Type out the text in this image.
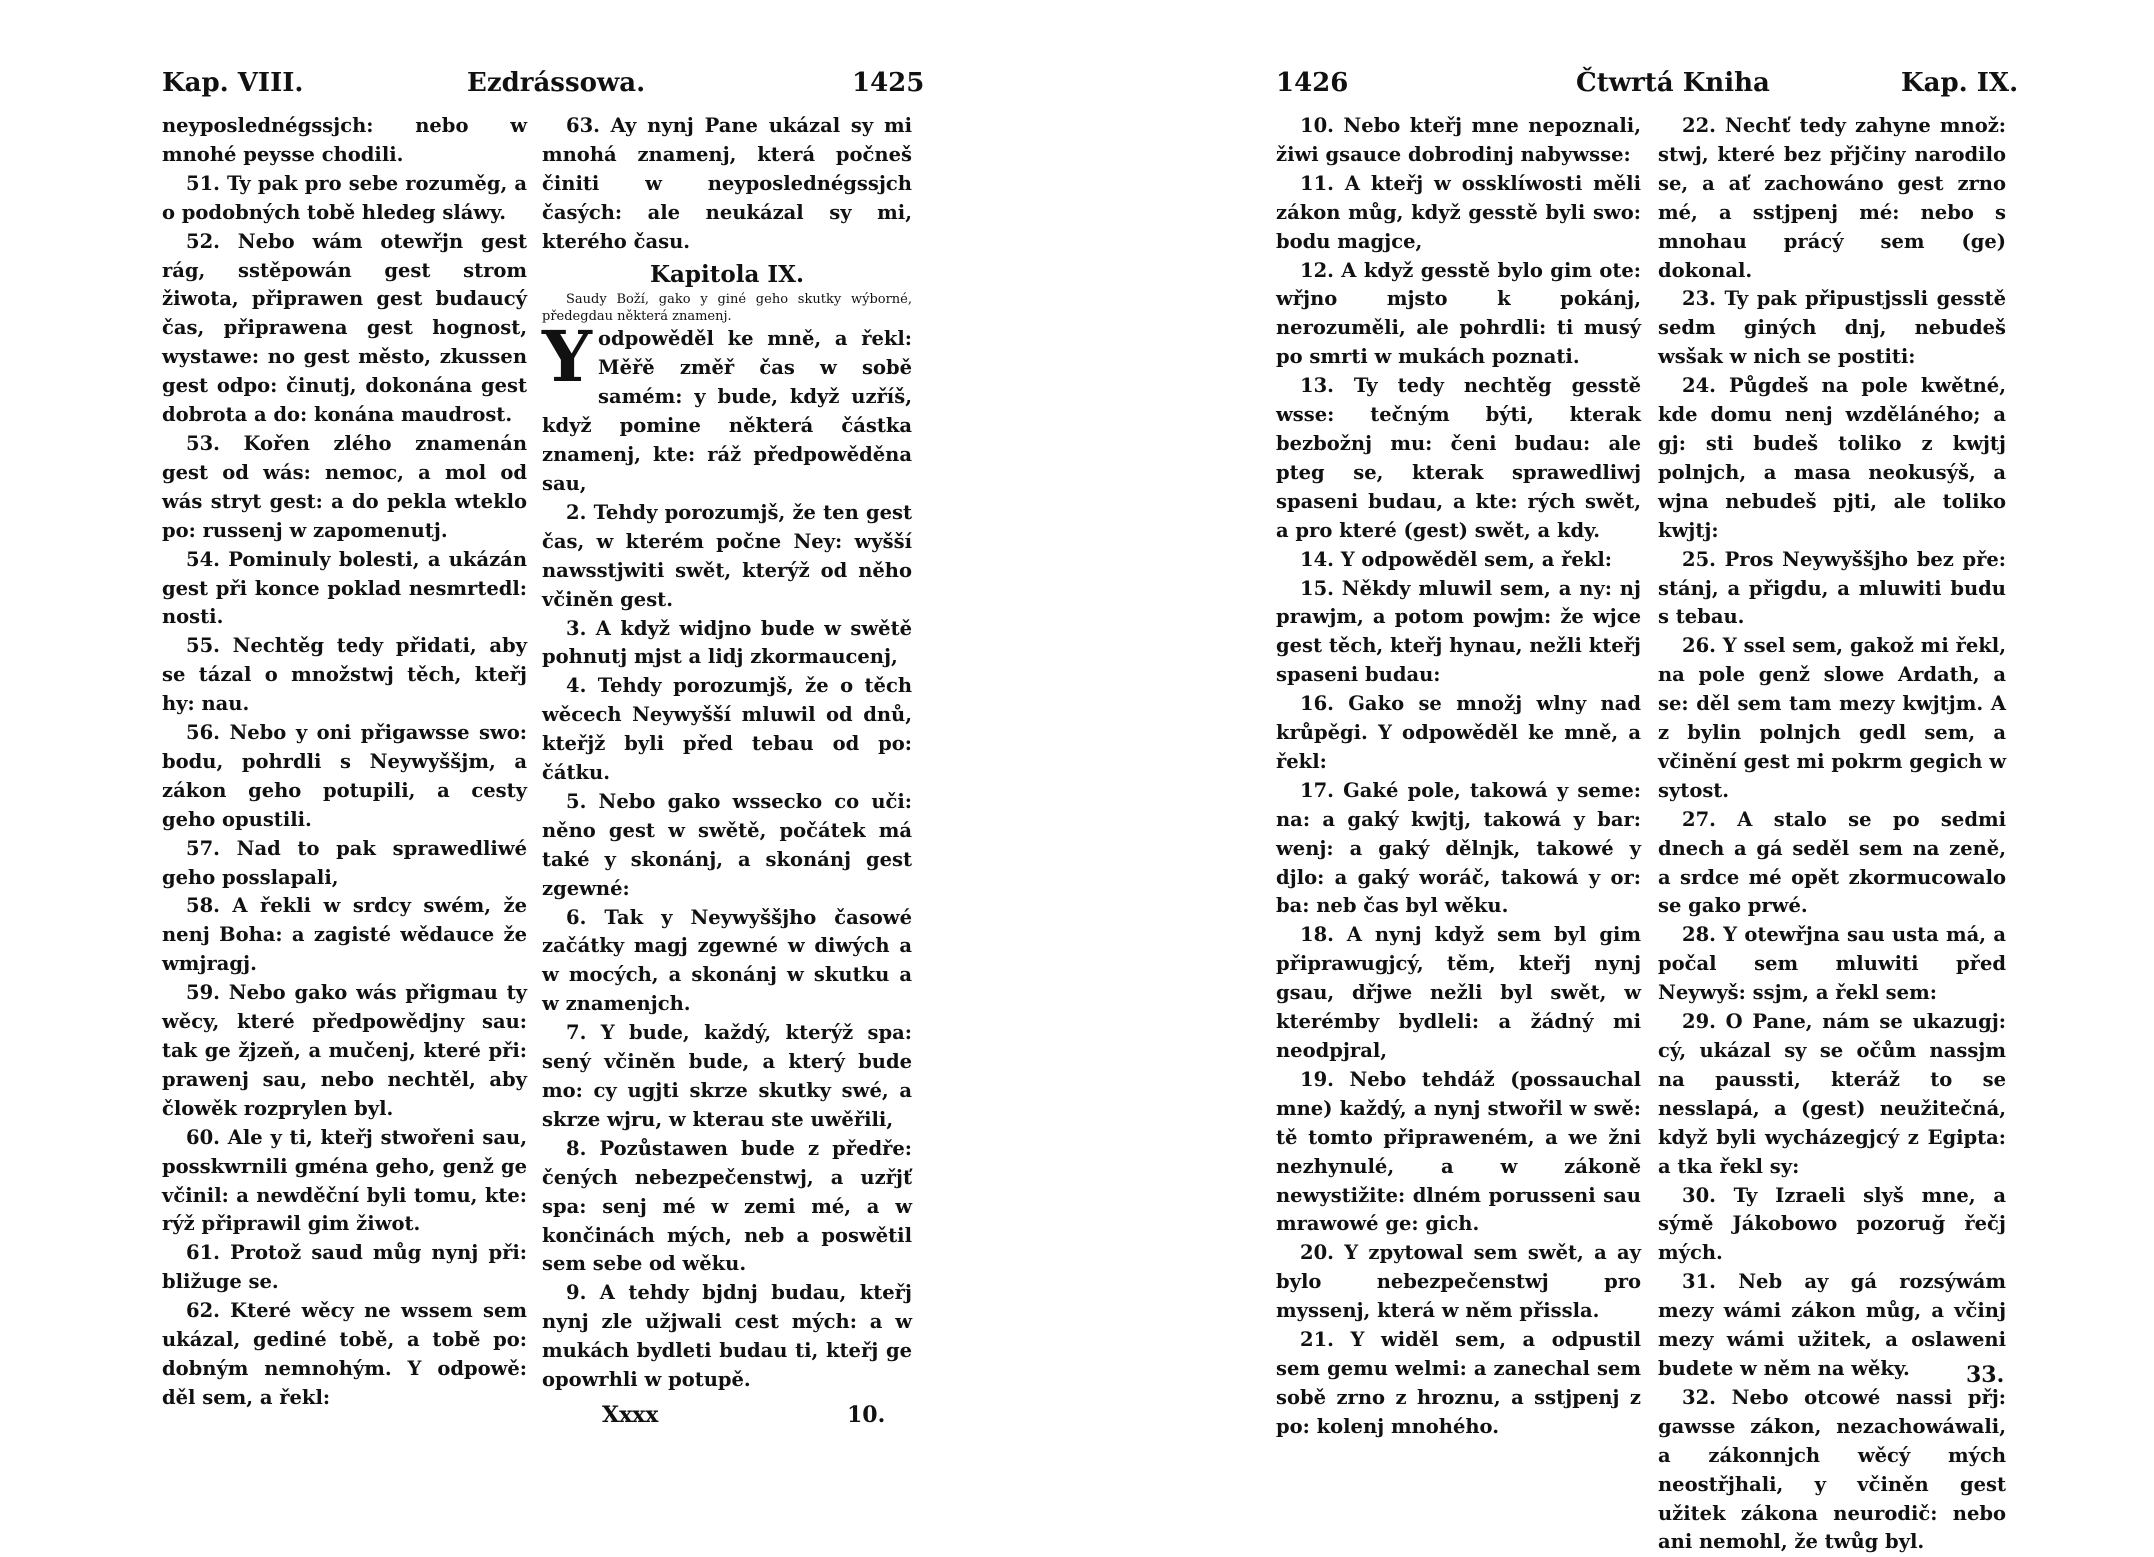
Kap. VIII.	Ezdrássowa.	1425

neyposlednégssjch: nebo w mnohé peysse chodili.

51. Ty pak pro sebe rozuměg, a o podobných tobě hledeg sláwy.

52. Nebo wám otewřjn gest rág, sstěpowán gest strom žiwota, připrawen gest budaucý čas, připrawena gest hognost, wystawe: no gest město, zkussen gest odpo: činutj, dokonána gest dobrota a do: konána maudrost.

53. Kořen zlého znamenán gest od wás: nemoc, a mol od wás stryt gest: a do pekla wteklo po: russenj w zapomenutj.

54. Pominuly bolesti, a ukázán gest při konce poklad nesmrtedl: nosti.

55. Nechtěg tedy přidati, aby se tázal o množstwj těch, kteřj hy: nau.

56. Nebo y oni přigawsse swo: bodu, pohrdli s Neywyššjm, a zákon geho potupili, a cesty geho opustili.

57. Nad to pak sprawedliwé geho posslapali,

58. A řekli w srdcy swém, že nenj Boha: a zagisté wědauce že wmjragj.

59. Nebo gako wás přigmau ty wěcy, které předpowědjny sau: tak ge žjzeň, a mučenj, které při: prawenj sau, nebo nechtěl, aby člowěk rozprylen byl.

60. Ale y ti, kteřj stwořeni sau, posskwrnili gména geho, genž ge včinil: a newděční byli tomu, kte: rýž připrawil gim žiwot.

61. Protož saud můg nynj při: bližuge se.

62. Které wěcy ne wssem sem ukázal, gediné tobě, a tobě po: dobným nemnohým. Y odpowě: děl sem, a řekl:

63. Ay nynj Pane ukázal sy mi mnohá znamenj, která počneš činiti w neyposlednégssjch časých: ale neukázal sy mi, kterého času.

Kapitola IX.

Saudy Boží, gako y giné geho skutky wýborné, předegdau některá znamenj.

Yodpowěděl ke mně, a řekl: Měřě změř čas w sobě samém: y bude, když uzříš, když pomine některá částka znamenj, kte: ráž předpowěděna sau,

2. Tehdy porozumjš, že ten gest čas, w kterém počne Ney: wyšší nawsstjwiti swět, kterýž od něho včiněn gest.

3. A když widjno bude w swětě pohnutj mjst a lidj zkormaucenj,

4. Tehdy porozumjš, že o těch wěcech Neywyšší mluwil od dnů, kteřjž byli před tebau od po: čátku.

5. Nebo gako wssecko co uči: něno gest w swětě, počátek má také y skonánj, a skonánj gest zgewné:

6. Tak y Neywyššjho časowé začátky magj zgewné w diwých a w mocých, a skonánj w skutku a w znamenjch.

7. Y bude, každý, kterýž spa: sený včiněn bude, a který bude mo: cy ugjti skrze skutky swé, a skrze wjru, w kterau ste uwěřili,

8. Pozůstawen bude z předře: čených nebezpečenstwj, a uzřjť spa: senj mé w zemi mé, a w končinách mých, neb a poswětil sem sebe od wěku.

9. A tehdy bjdnj budau, kteřj nynj zle užjwali cest mých: a w mukách bydleti budau ti, kteřj ge opowrhli w potupě.

Xxxx	10.
1426	Čtwrtá Kniha	Kap. IX.

10. Nebo kteřj mne nepoznali, žiwi gsauce dobrodinj nabywsse:

11. A kteřj w ossklíwosti měli zákon můg, když gesstě byli swo: bodu magjce,

12. A když gesstě bylo gim ote: wřjno mjsto k pokánj, nerozuměli, ale pohrdli: ti musý po smrti w mukách poznati.

13. Ty tedy nechtěg gesstě wsse: tečným býti, kterak bezbožnj mu: čeni budau: ale pteg se, kterak sprawedliwj spaseni budau, a kte: rých swět, a pro které (gest) swět, a kdy.

14. Y odpowěděl sem, a řekl:

15. Někdy mluwil sem, a ny: nj prawjm, a potom powjm: že wjce gest těch, kteřj hynau, nežli kteřj spaseni budau:

16. Gako se množj wlny nad krůpěgi. Y odpowěděl ke mně, a řekl:

17. Gaké pole, takowá y seme: na: a gaký kwjtj, takowá y bar: wenj: a gaký dělnjk, takowé y djlo: a gaký woráč, takowá y or: ba: neb čas byl wěku.

18. A nynj když sem byl gim připrawugjcý, těm, kteřj nynj gsau, dřjwe nežli byl swět, w kterémby bydleli: a žádný mi neodpjral,

19. Nebo tehdáž (possauchal mne) každý, a nynj stwořil w swě: tě tomto připraweném, a we žni nezhynulé, a w zákoně newystižite: dlném porusseni sau mrawowé ge: gich.

20. Y zpytowal sem swět, a ay bylo nebezpečenstwj pro myssenj, která w něm přissla.

21. Y widěl sem, a odpustil sem gemu welmi: a zanechal sem sobě zrno z hroznu, a sstjpenj z po: kolenj mnohého.

22. Nechť tedy zahyne množ: stwj, které bez přjčiny narodilo se, a ať zachowáno gest zrno mé, a sstjpenj mé: nebo s mnohau prácý sem (ge) dokonal.

23. Ty pak připustjssli gesstě sedm giných dnj, nebudeš wsšak w nich se postiti:

24. Půgdeš na pole kwětné, kde domu nenj wzděláného; a gj: sti budeš toliko z kwjtj polnjch, a masa neokusýš, a wjna nebudeš pjti, ale toliko kwjtj:

25. Pros Neywyššjho bez pře: stánj, a přigdu, a mluwiti budu s tebau.

26. Y ssel sem, gakož mi řekl, na pole genž slowe Ardath, a se: děl sem tam mezy kwjtjm. A z bylin polnjch gedl sem, a včinění gest mi pokrm gegich w sytost.

27. A stalo se po sedmi dnech a gá seděl sem na zeně, a srdce mé opět zkormucowalo se gako prwé.

28. Y otewřjna sau usta má, a počal sem mluwiti před Neywyš: ssjm, a řekl sem:

29. O Pane, nám se ukazugj: cý, ukázal sy se očům nassjm na paussti, kteráž to se nesslapá, a (gest) neužitečná, když byli wycházegjcý z Egipta: a tka řekl sy:

30. Ty Izraeli slyš mne, a sýmě Jákobowo pozoruğ řečj mých.

31. Neb ay gá rozsýwám mezy wámi zákon můg, a včinj mezy wámi užitek, a oslaweni budete w něm na wěky.

32. Nebo otcowé nassi přj: gawsse zákon, nezachowáwali, a zákonnjch wěcý mých neostřjhali, y včiněn gest užitek zákona neurodič: nebo ani nemohl, že twůg byl.

33.
